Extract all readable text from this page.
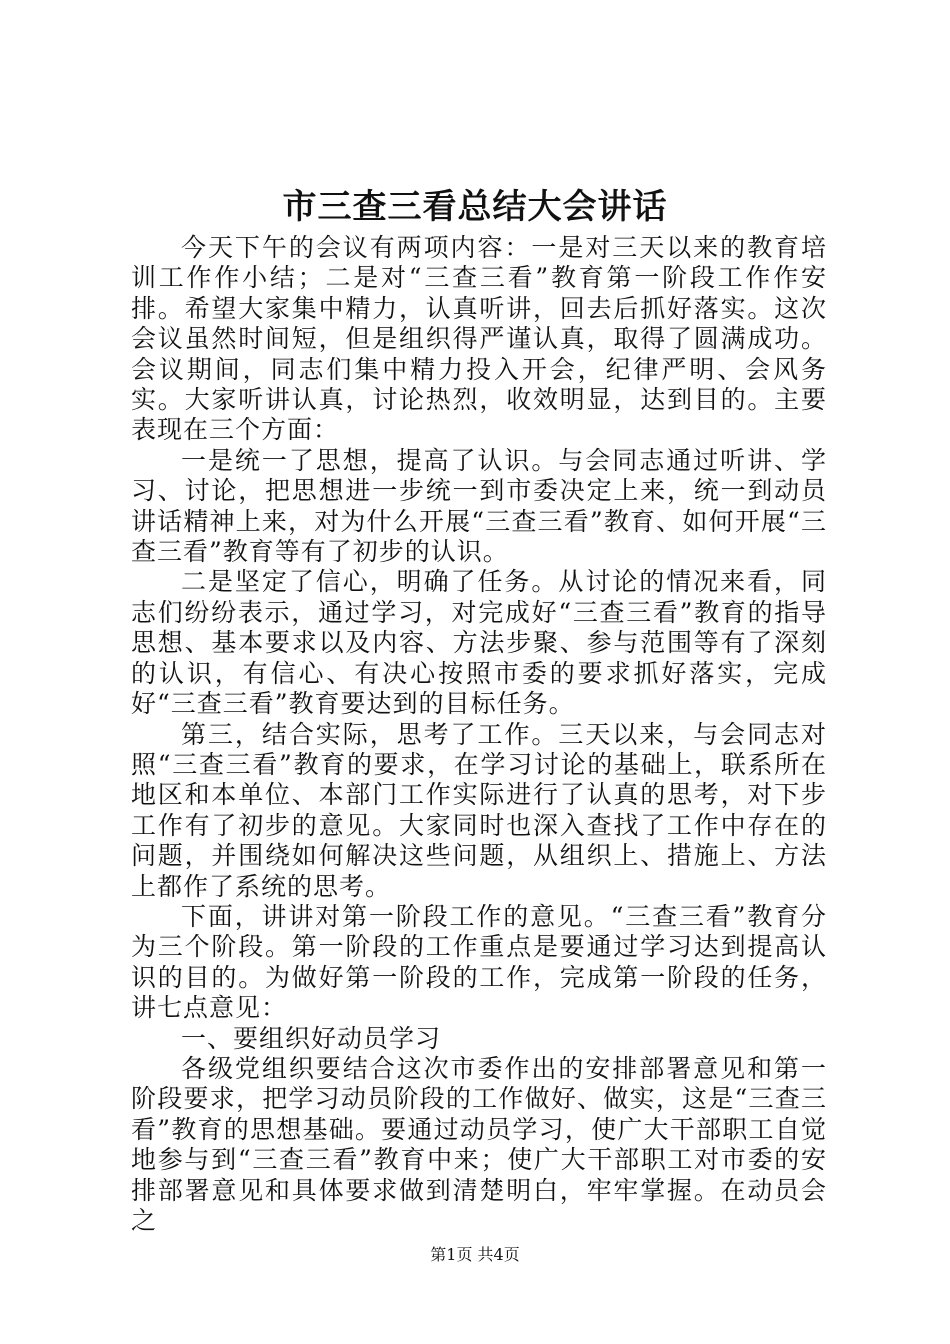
市三查三看总结大会讲话

今天下午的会议有两项内容：一是对三天以来的教育培训工作作小结；二是对“三查三看”教育第一阶段工作作安排。希望大家集中精力，认真听讲，回去后抓好落实。这次会议虽然时间短，但是组织得严谨认真，取得了圆满成功。会议期间，同志们集中精力投入开会，纪律严明、会风务实。大家听讲认真，讨论热烈，收效明显，达到目的。主要表现在三个方面：

一是统一了思想，提高了认识。与会同志通过听讲、学习、讨论，把思想进一步统一到市委决定上来，统一到动员讲话精神上来，对为什么开展“三查三看”教育、如何开展“三查三看”教育等有了初步的认识。

二是坚定了信心，明确了任务。从讨论的情况来看，同志们纷纷表示，通过学习，对完成好“三查三看”教育的指导思想、基本要求以及内容、方法步聚、参与范围等有了深刻的认识，有信心、有决心按照市委的要求抓好落实，完成好“三查三看”教育要达到的目标任务。

第三，结合实际，思考了工作。三天以来，与会同志对照“三查三看”教育的要求，在学习讨论的基础上，联系所在地区和本单位、本部门工作实际进行了认真的思考，对下步工作有了初步的意见。大家同时也深入查找了工作中存在的问题，并围绕如何解决这些问题，从组织上、措施上、方法上都作了系统的思考。

下面，讲讲对第一阶段工作的意见。“三查三看”教育分为三个阶段。第一阶段的工作重点是要通过学习达到提高认识的目的。为做好第一阶段的工作，完成第一阶段的任务，讲七点意见：

一、要组织好动员学习

各级党组织要结合这次市委作出的安排部署意见和第一阶段要求，把学习动员阶段的工作做好、做实，这是“三查三看”教育的思想基础。要通过动员学习，使广大干部职工自觉地参与到“三查三看”教育中来；使广大干部职工对市委的安排部署意见和具体要求做到清楚明白，牢牢掌握。在动员会之

第1页 共4页
